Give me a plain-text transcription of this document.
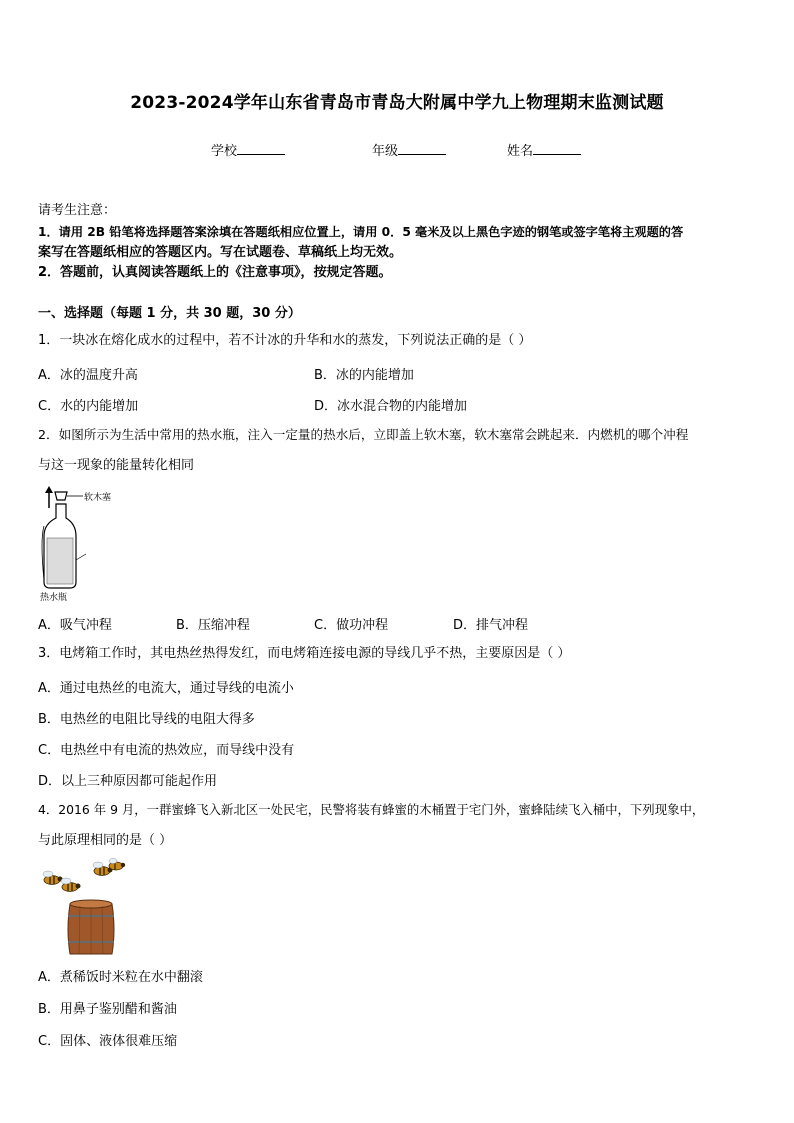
2023-2024学年山东省青岛市青岛大附属中学九上物理期末监测试题
学校	年级	姓名
请考生注意：
1．请用 2B 铅笔将选择题答案涂填在答题纸相应位置上，请用 0．5 毫米及以上黑色字迹的钢笔或签字笔将主观题的答
案写在答题纸相应的答题区内。写在试题卷、草稿纸上均无效。
2．答题前，认真阅读答题纸上的《注意事项》，按规定答题。
一、选择题（每题 1 分，共 30 题，30 分）
1．一块冰在熔化成水的过程中，若不计冰的升华和水的蒸发，下列说法正确的是（ ）
A．冰的温度升高	B．冰的内能增加
C．水的内能增加	D．冰水混合物的内能增加
2．如图所示为生活中常用的热水瓶，注入一定量的热水后，立即盖上软木塞，软木塞常会跳起来．内燃机的哪个冲程
与这一现象的能量转化相同
软木塞
热水瓶
A．吸气冲程	B．压缩冲程	C．做功冲程	D．排气冲程
3．电烤箱工作时，其电热丝热得发红，而电烤箱连接电源的导线几乎不热，主要原因是（ ）
A．通过电热丝的电流大，通过导线的电流小
B．电热丝的电阻比导线的电阻大得多
C．电热丝中有电流的热效应，而导线中没有
D．以上三种原因都可能起作用
4．2016 年 9 月，一群蜜蜂飞入新北区一处民宅，民警将装有蜂蜜的木桶置于宅门外，蜜蜂陆续飞入桶中，下列现象中，
与此原理相同的是（ ）
A．煮稀饭时米粒在水中翻滚
B．用鼻子鉴别醋和酱油
C．固体、液体很难压缩
